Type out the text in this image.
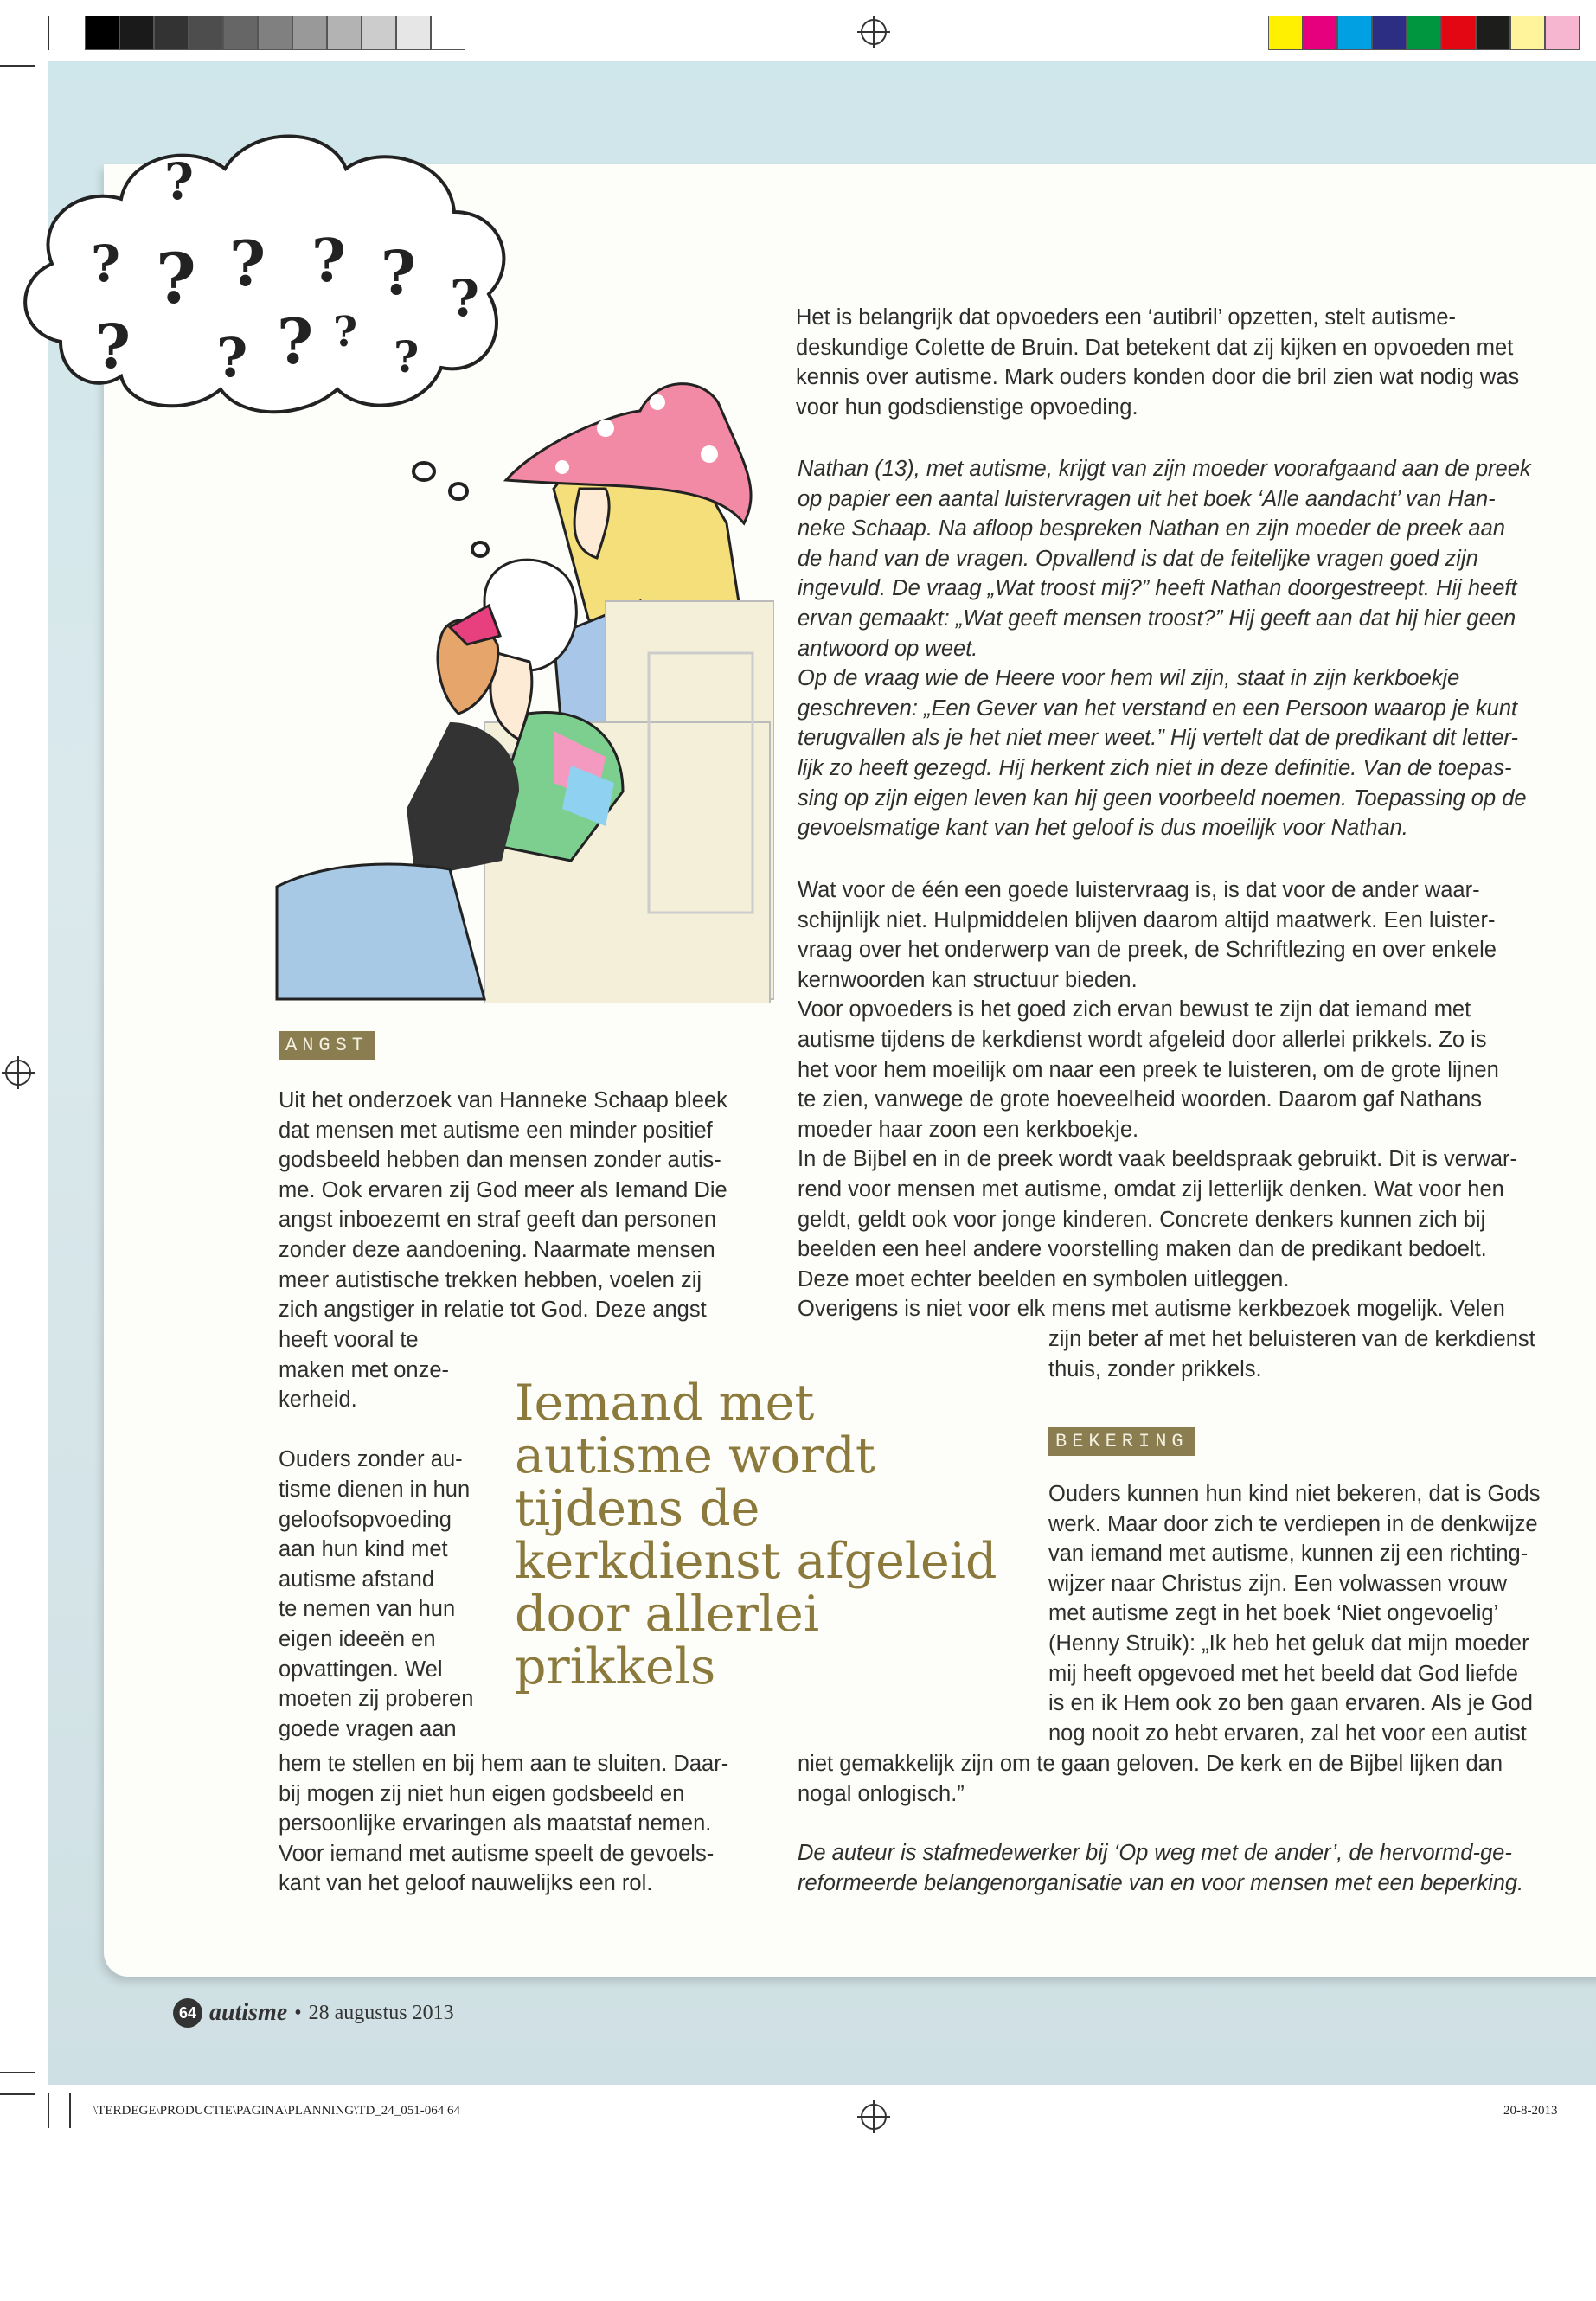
?
? ? ? ? ? ?
? ? ? ? ?

Het is belangrijk dat opvoeders een ‘autibril’ opzetten, stelt autisme-

deskundige Colette de Bruin. Dat betekent dat zij kijken en opvoeden met

kennis over autisme. Mark ouders konden door die bril zien wat nodig was

voor hun godsdienstige opvoeding.

Nathan (13), met autisme, krijgt van zijn moeder voorafgaand aan de preek

op papier een aantal luistervragen uit het boek ‘Alle aandacht’ van Han-

neke Schaap. Na afloop bespreken Nathan en zijn moeder de preek aan

de hand van de vragen. Opvallend is dat de feitelijke vragen goed zijn

ingevuld. De vraag „Wat troost mij?” heeft Nathan doorgestreept. Hij heeft

ervan gemaakt: „Wat geeft mensen troost?” Hij geeft aan dat hij hier geen

antwoord op weet.

Op de vraag wie de Heere voor hem wil zijn, staat in zijn kerkboekje

geschreven: „Een Gever van het verstand en een Persoon waarop je kunt

terugvallen als je het niet meer weet.” Hij vertelt dat de predikant dit letter-

lijk zo heeft gezegd. Hij herkent zich niet in deze definitie. Van de toepas-

sing op zijn eigen leven kan hij geen voorbeeld noemen. Toepassing op de

gevoelsmatige kant van het geloof is dus moeilijk voor Nathan.

Wat voor de één een goede luistervraag is, is dat voor de ander waar-

schijnlijk niet. Hulpmiddelen blijven daarom altijd maatwerk. Een luister-

vraag over het onderwerp van de preek, de Schriftlezing en over enkele

kernwoorden kan structuur bieden.

Voor opvoeders is het goed zich ervan bewust te zijn dat iemand met

autisme tijdens de kerkdienst wordt afgeleid door allerlei prikkels. Zo is

het voor hem moeilijk om naar een preek te luisteren, om de grote lijnen

te zien, vanwege de grote hoeveelheid woorden. Daarom gaf Nathans

moeder haar zoon een kerkboekje.

In de Bijbel en in de preek wordt vaak beeldspraak gebruikt. Dit is verwar-

rend voor mensen met autisme, omdat zij letterlijk denken. Wat voor hen

geldt, geldt ook voor jonge kinderen. Concrete denkers kunnen zich bij

beelden een heel andere voorstelling maken dan de predikant bedoelt.

Deze moet echter beelden en symbolen uitleggen.

Overigens is niet voor elk mens met autisme kerkbezoek mogelijk. Velen

zijn beter af met het beluisteren van de kerkdienst

thuis, zonder prikkels.

BEKERING

Ouders kunnen hun kind niet bekeren, dat is Gods

werk. Maar door zich te verdiepen in de denkwijze

van iemand met autisme, kunnen zij een richting-

wijzer naar Christus zijn. Een volwassen vrouw

met autisme zegt in het boek ‘Niet ongevoelig’

(Henny Struik): „Ik heb het geluk dat mijn moeder

mij heeft opgevoed met het beeld dat God liefde

is en ik Hem ook zo ben gaan ervaren. Als je God

nog nooit zo hebt ervaren, zal het voor een autist

niet gemakkelijk zijn om te gaan geloven. De kerk en de Bijbel lijken dan

nogal onlogisch.”

De auteur is stafmedewerker bij ‘Op weg met de ander’, de hervormd-ge-

reformeerde belangenorganisatie van en voor mensen met een beperking.

ANGST

Uit het onderzoek van Hanneke Schaap bleek

dat mensen met autisme een minder positief

godsbeeld hebben dan mensen zonder autis-

me. Ook ervaren zij God meer als Iemand Die

angst inboezemt en straf geeft dan personen

zonder deze aandoening. Naarmate mensen

meer autistische trekken hebben, voelen zij

zich angstiger in relatie tot God. Deze angst

heeft vooral te

maken met onze-

kerheid.

Ouders zonder au-

tisme dienen in hun

geloofsopvoeding

aan hun kind met

autisme afstand

te nemen van hun

eigen ideeën en

opvattingen. Wel

moeten zij proberen

goede vragen aan

hem te stellen en bij hem aan te sluiten. Daar-

bij mogen zij niet hun eigen godsbeeld en

persoonlijke ervaringen als maatstaf nemen.

Voor iemand met autisme speelt de gevoels-

kant van het geloof nauwelijks een rol.

Iemand met
autisme wordt
tijdens de
kerkdienst afgeleid
door allerlei
prikkels
64 autisme • 28 augustus 2013
\TERDEGE\PRODUCTIE\PAGINA\PLANNING\TD_24_051-064 64	20-8-2013
